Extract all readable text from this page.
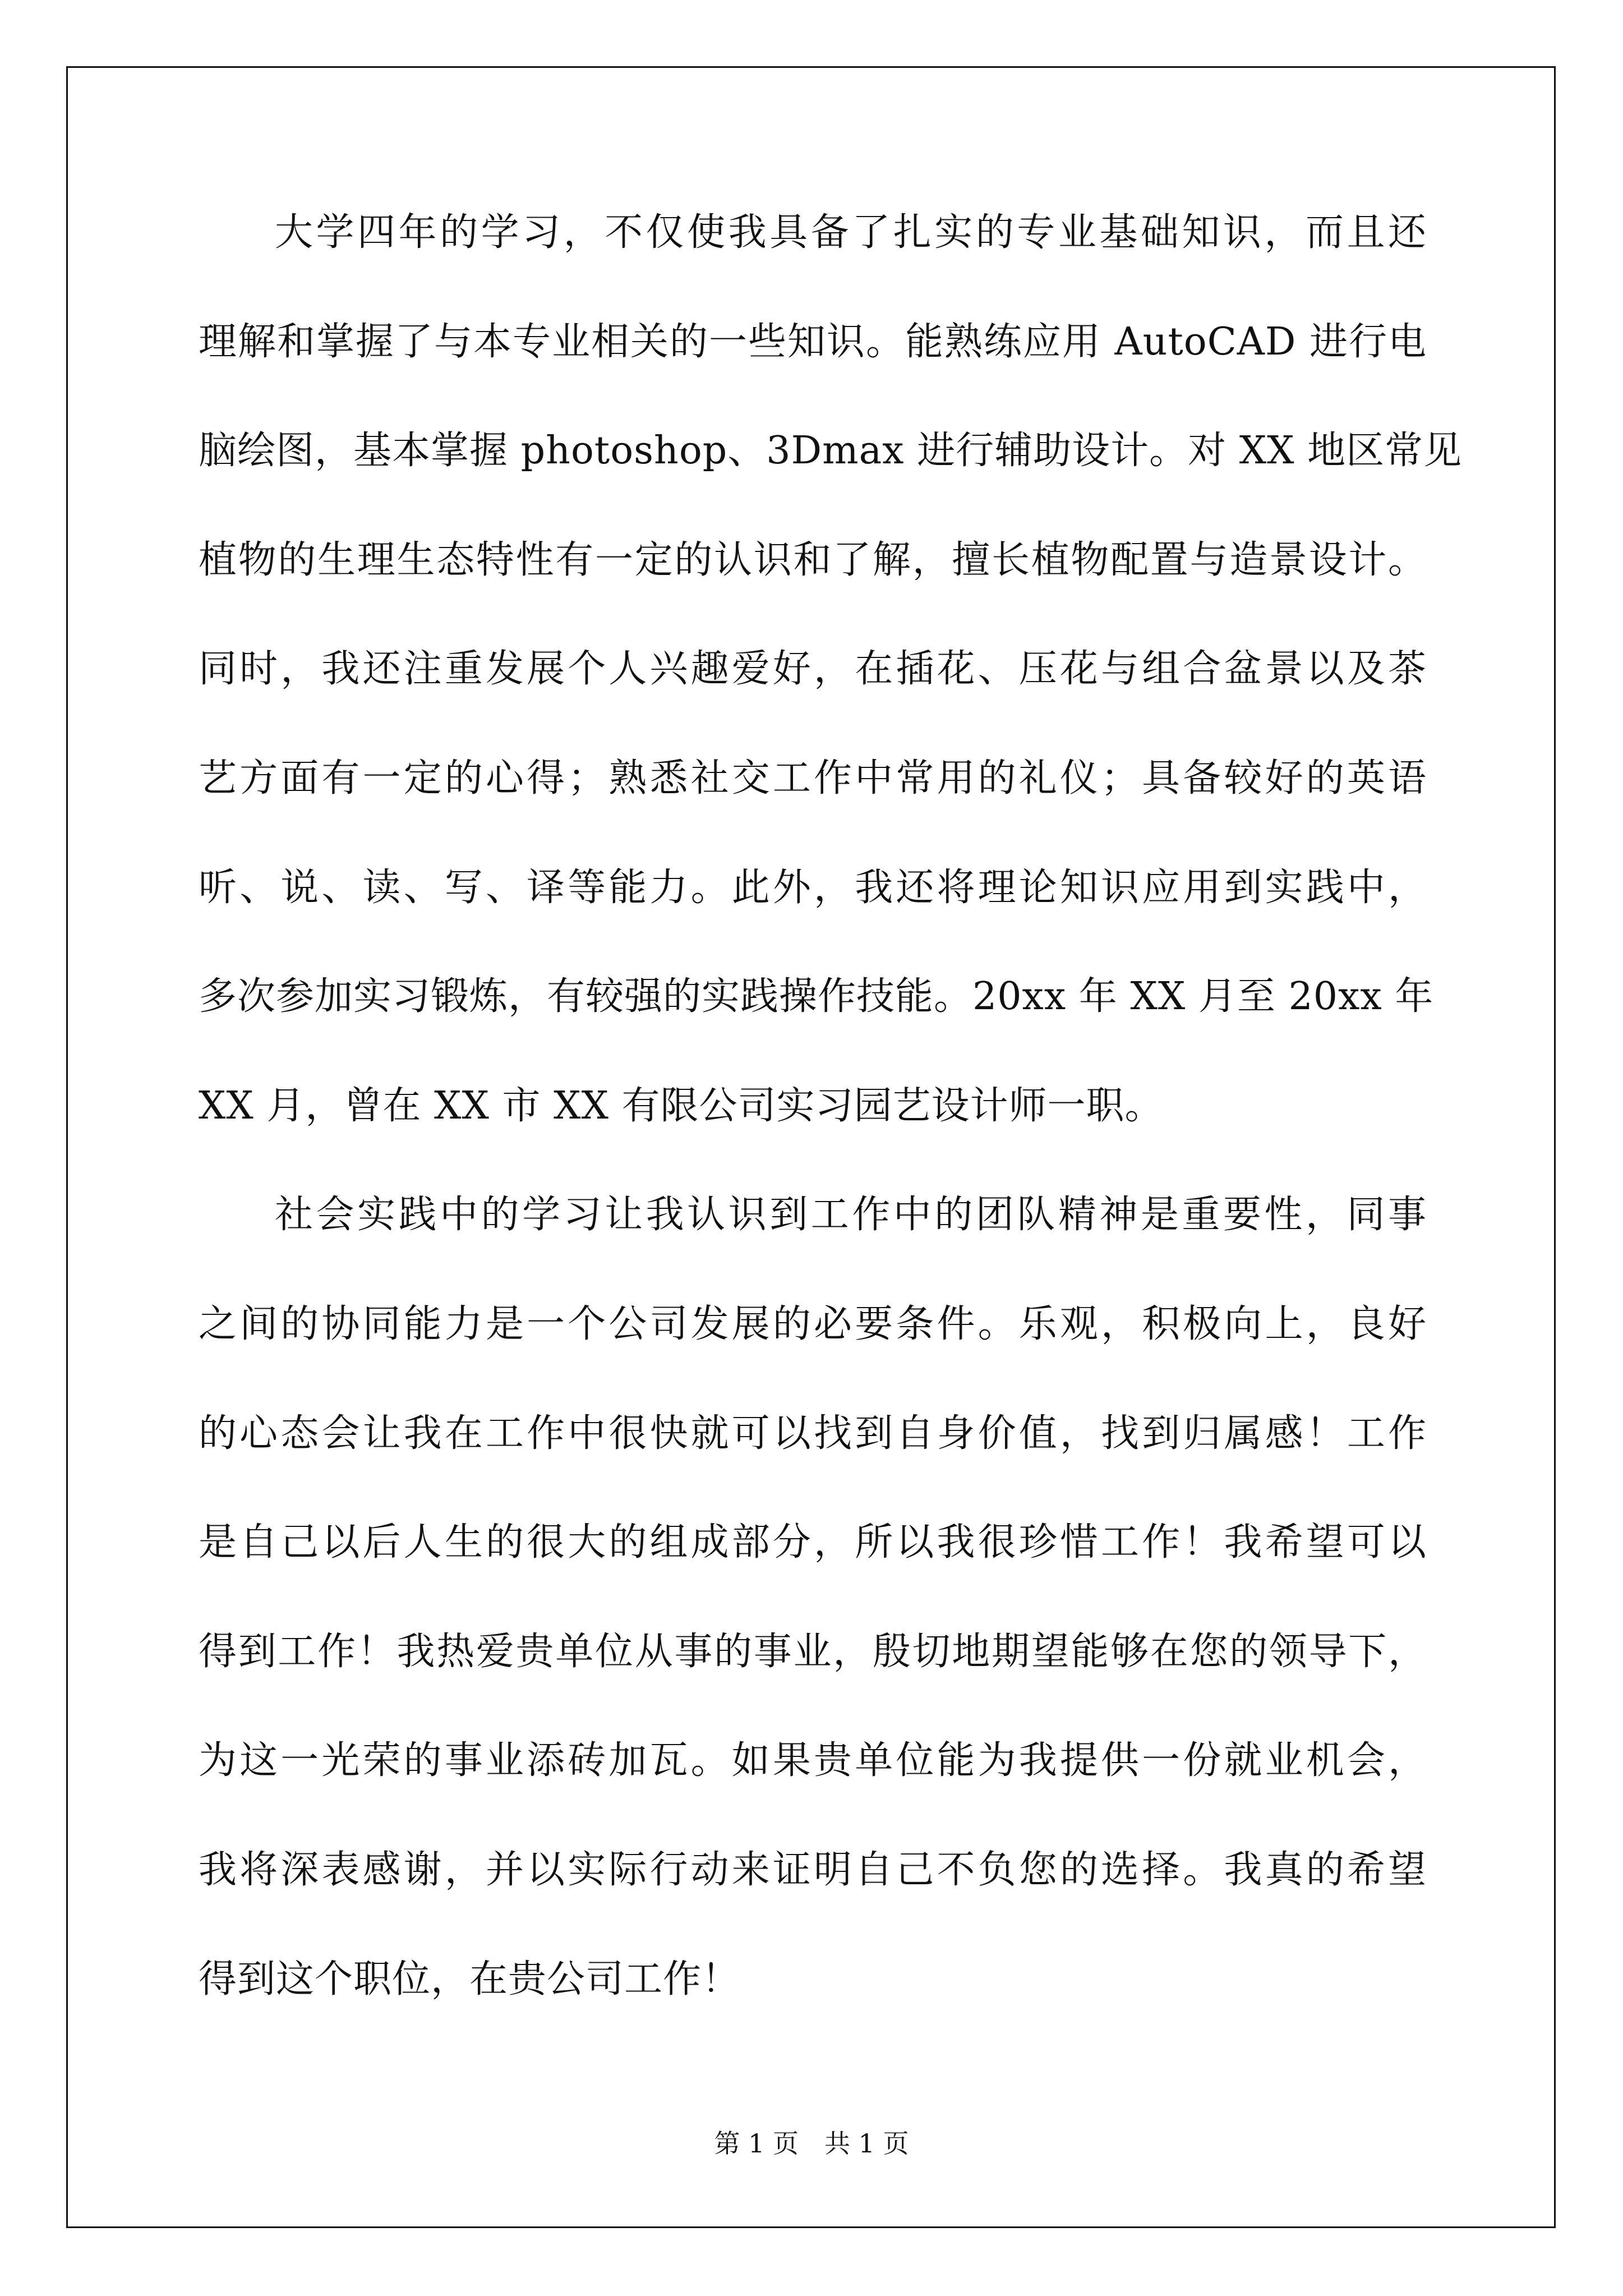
大学四年的学习，不仅使我具备了扎实的专业基础知识，而且还
理解和掌握了与本专业相关的一些知识。能熟练应用 AutoCAD 进行电
脑绘图，基本掌握 photoshop、3Dmax 进行辅助设计。对 XX 地区常见
植物的生理生态特性有一定的认识和了解，擅长植物配置与造景设计。
同时，我还注重发展个人兴趣爱好，在插花、压花与组合盆景以及茶
艺方面有一定的心得；熟悉社交工作中常用的礼仪；具备较好的英语
听、说、读、写、译等能力。此外，我还将理论知识应用到实践中，
多次参加实习锻炼，有较强的实践操作技能。20xx 年 XX 月至 20xx 年
XX 月，曾在 XX 市 XX 有限公司实习园艺设计师一职。
社会实践中的学习让我认识到工作中的团队精神是重要性，同事
之间的协同能力是一个公司发展的必要条件。乐观，积极向上，良好
的心态会让我在工作中很快就可以找到自身价值，找到归属感！工作
是自己以后人生的很大的组成部分，所以我很珍惜工作！我希望可以
得到工作！我热爱贵单位从事的事业，殷切地期望能够在您的领导下，
为这一光荣的事业添砖加瓦。如果贵单位能为我提供一份就业机会，
我将深表感谢，并以实际行动来证明自己不负您的选择。我真的希望
得到这个职位，在贵公司工作！
第 1 页 共 1 页
